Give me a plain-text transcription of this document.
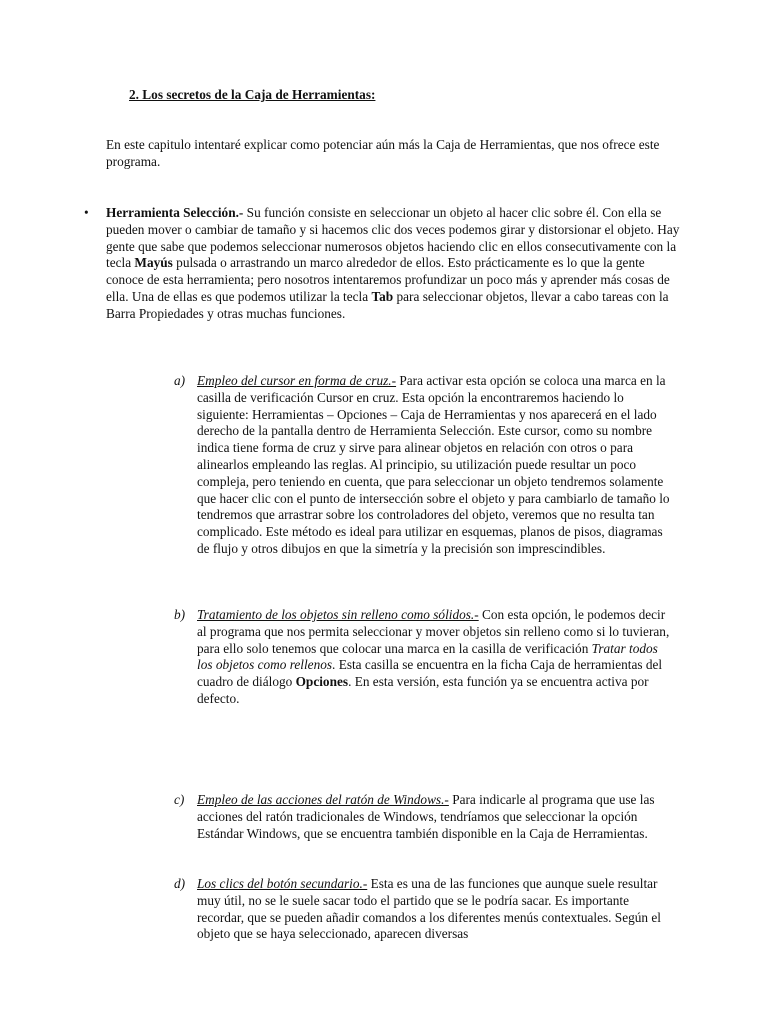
2. Los secretos de la Caja de Herramientas:
En este capitulo intentaré explicar como potenciar aún más la Caja de Herramientas, que nos ofrece este programa.
• Herramienta Selección.- Su función consiste en seleccionar un objeto al hacer clic sobre él. Con ella se pueden mover o cambiar de tamaño y si hacemos clic dos veces podemos girar y distorsionar el objeto. Hay gente que sabe que podemos seleccionar numerosos objetos haciendo clic en ellos consecutivamente con la tecla Mayús pulsada o arrastrando un marco alrededor de ellos. Esto prácticamente es lo que la gente conoce de esta herramienta; pero nosotros intentaremos profundizar un poco más y aprender más cosas de ella. Una de ellas es que podemos utilizar la tecla Tab para seleccionar objetos, llevar a cabo tareas con la Barra Propiedades y otras muchas funciones.
a) Empleo del cursor en forma de cruz.- Para activar esta opción se coloca una marca en la casilla de verificación Cursor en cruz. Esta opción la encontraremos haciendo lo siguiente: Herramientas – Opciones – Caja de Herramientas y nos aparecerá en el lado derecho de la pantalla dentro de Herramienta Selección. Este cursor, como su nombre indica tiene forma de cruz y sirve para alinear objetos en relación con otros o para alinearlos empleando las reglas. Al principio, su utilización puede resultar un poco compleja, pero teniendo en cuenta, que para seleccionar un objeto tendremos solamente que hacer clic con el punto de intersección sobre el objeto y para cambiarlo de tamaño lo tendremos que arrastrar sobre los controladores del objeto, veremos que no resulta tan complicado. Este método es ideal para utilizar en esquemas, planos de pisos, diagramas de flujo y otros dibujos en que la simetría y la precisión son imprescindibles.
b) Tratamiento de los objetos sin relleno como sólidos.- Con esta opción, le podemos decir al programa que nos permita seleccionar y mover objetos sin relleno como si lo tuvieran, para ello solo tenemos que colocar una marca en la casilla de verificación Tratar todos los objetos como rellenos. Esta casilla se encuentra en la ficha Caja de herramientas del cuadro de diálogo Opciones. En esta versión, esta función ya se encuentra activa por defecto.
c) Empleo de las acciones del ratón de Windows.- Para indicarle al programa que use las acciones del ratón tradicionales de Windows, tendríamos que seleccionar la opción Estándar Windows, que se encuentra también disponible en la Caja de Herramientas.
d) Los clics del botón secundario.- Esta es una de las funciones que aunque suele resultar muy útil, no se le suele sacar todo el partido que se le podría sacar. Es importante recordar, que se pueden añadir comandos a los diferentes menús contextuales. Según el objeto que se haya seleccionado, aparecen diversas
